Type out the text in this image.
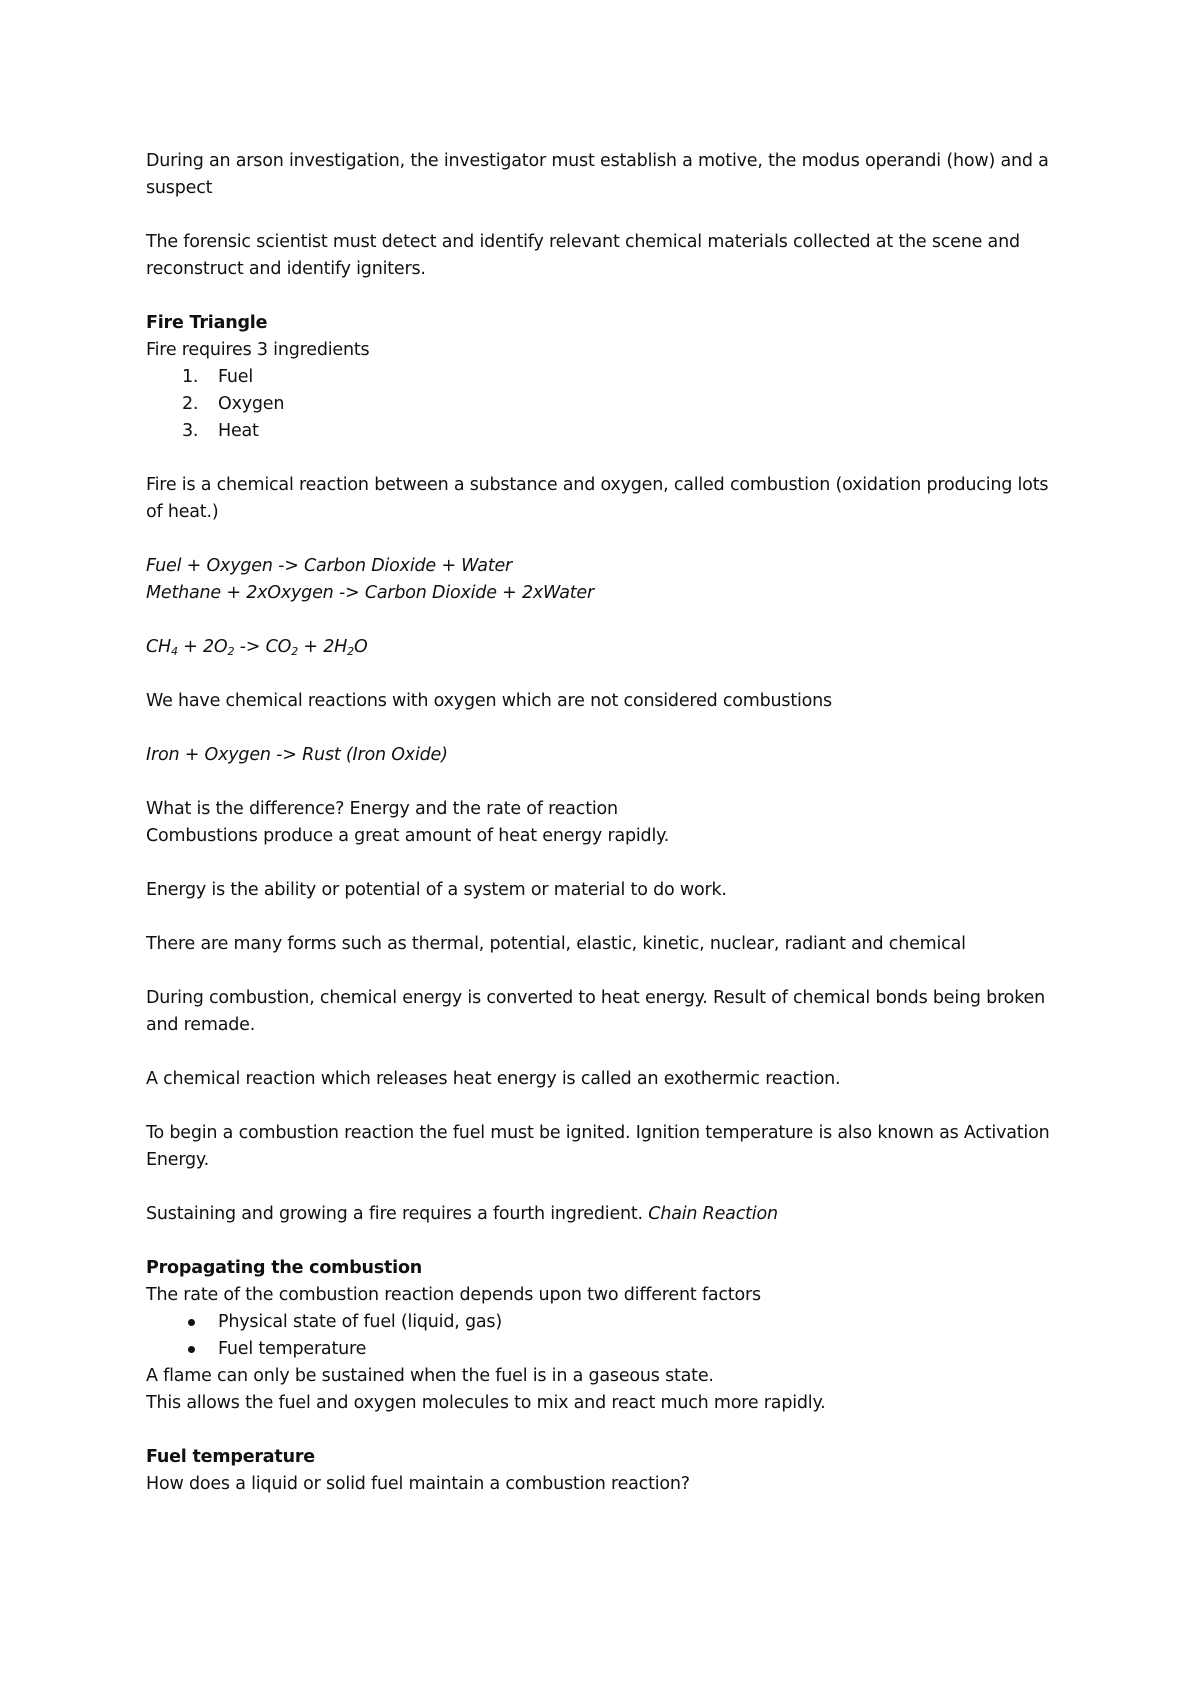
During an arson investigation, the investigator must establish a motive, the modus operandi (how) and a suspect

The forensic scientist must detect and identify relevant chemical materials collected at the scene and reconstruct and identify igniters.

Fire Triangle

Fire requires 3 ingredients

1. Fuel
2. Oxygen
3. Heat

Fire is a chemical reaction between a substance and oxygen, called combustion (oxidation producing lots of heat.)

Fuel + Oxygen -> Carbon Dioxide + Water
Methane + 2xOxygen -> Carbon Dioxide + 2xWater

$CH_4 + 2O_2 -> CO_2 + 2H_2O$

We have chemical reactions with oxygen which are not considered combustions

Iron + Oxygen -> Rust (Iron Oxide)

What is the difference? Energy and the rate of reaction
Combustions produce a great amount of heat energy rapidly.

Energy is the ability or potential of a system or material to do work.

There are many forms such as thermal, potential, elastic, kinetic, nuclear, radiant and chemical

During combustion, chemical energy is converted to heat energy. Result of chemical bonds being broken and remade.

A chemical reaction which releases heat energy is called an exothermic reaction.

To begin a combustion reaction the fuel must be ignited. Ignition temperature is also known as Activation Energy.

Sustaining and growing a fire requires a fourth ingredient. Chain Reaction

Propagating the combustion

The rate of the combustion reaction depends upon two different factors

Physical state of fuel (liquid, gas)
Fuel temperature

A flame can only be sustained when the fuel is in a gaseous state.

This allows the fuel and oxygen molecules to mix and react much more rapidly.

Fuel temperature

How does a liquid or solid fuel maintain a combustion reaction?
